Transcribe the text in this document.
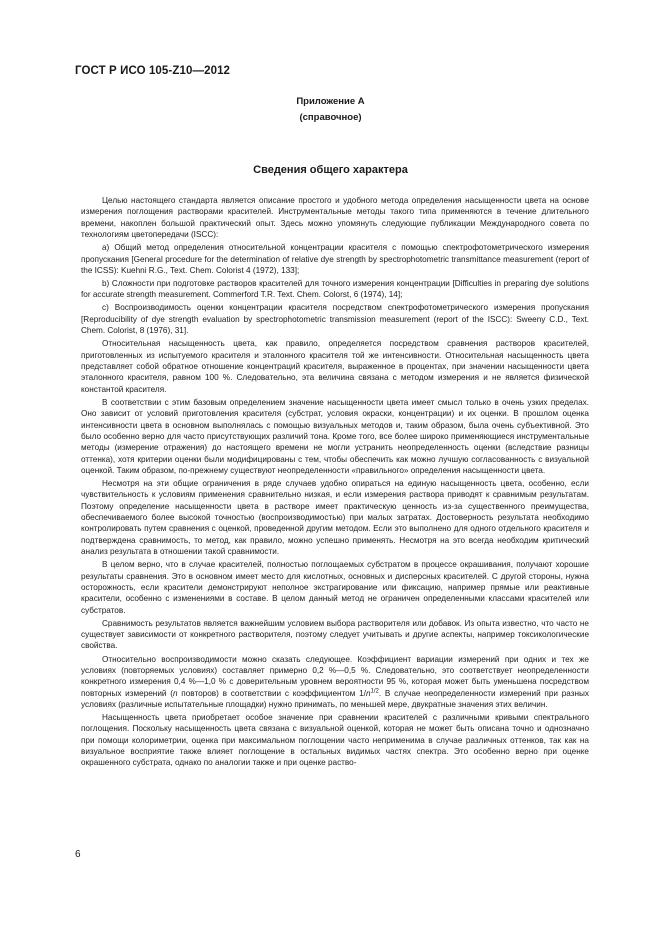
ГОСТ Р ИСО 105-Z10—2012
Приложение А
(справочное)
Сведения общего характера

Целью настоящего стандарта является описание простого и удобного метода определения насыщенности цвета на основе измерения поглощения растворами красителей. Инструментальные методы такого типа применяются в течение длительного времени, накоплен большой практический опыт. Здесь можно упомянуть следующие публикации Международного совета по технологиям цветопередачи (ISCC):

a) Общий метод определения относительной концентрации красителя с помощью спектрофотометрического измерения пропускания [General procedure for the determination of relative dye strength by spectrophotometric transmittance measurement (report of the ICSS): Kuehni R.G., Text. Chem. Colorist 4 (1972), 133];

b) Сложности при подготовке растворов красителей для точного измерения концентрации [Difficulties in preparing dye solutions for accurate strength measurement. Commerford T.R. Text. Chem. Colorst, 6 (1974), 14];

c) Воспроизводимость оценки концентрации красителя посредством спектрофотометрического измерения пропускания [Reproducibility of dye strength evaluation by spectrophotometric transmission measurement (report of the ISCC): Sweeny C.D., Text. Chem. Colorist, 8 (1976), 31].

Относительная насыщенность цвета, как правило, определяется посредством сравнения растворов красителей, приготовленных из испытуемого красителя и эталонного красителя той же интенсивности. Относительная насыщенность цвета представляет собой обратное отношение концентраций красителя, выраженное в процентах, при значении насыщенности цвета эталонного красителя, равном 100 %. Следовательно, эта величина связана с методом измерения и не является физической константой красителя.

В соответствии с этим базовым определением значение насыщенности цвета имеет смысл только в очень узких пределах. Оно зависит от условий приготовления красителя (субстрат, условия окраски, концентрации) и их оценки. В прошлом оценка интенсивности цвета в основном выполнялась с помощью визуальных методов и, таким образом, была очень субъективной. Это было особенно верно для часто присутствующих различий тона. Кроме того, все более широко применяющиеся инструментальные методы (измерение отражения) до настоящего времени не могли устранить неопределенность оценки (вследствие разницы оттенка), хотя критерии оценки были модифицированы с тем, чтобы обеспечить как можно лучшую согласованность с визуальной оценкой. Таким образом, по-прежнему существуют неопределенности «правильного» определения насыщенности цвета.

Несмотря на эти общие ограничения в ряде случаев удобно опираться на единую насыщенность цвета, особенно, если чувствительность к условиям применения сравнительно низкая, и если измерения раствора приводят к сравнимым результатам. Поэтому определение насыщенности цвета в растворе имеет практическую ценность из-за существенного преимущества, обеспечиваемого более высокой точностью (воспроизводимостью) при малых затратах. Достоверность результата необходимо контролировать путем сравнения с оценкой, проведенной другим методом. Если это выполнено для одного отдельного красителя и подтверждена сравнимость, то метод, как правило, можно успешно применять. Несмотря на это всегда необходим критический анализ результата в отношении такой сравнимости.

В целом верно, что в случае красителей, полностью поглощаемых субстратом в процессе окрашивания, получают хорошие результаты сравнения. Это в основном имеет место для кислотных, основных и дисперсных красителей. С другой стороны, нужна осторожность, если красители демонстрируют неполное экстрагирование или фиксацию, например прямые или реактивные красители, особенно с изменениями в составе. В целом данный метод не ограничен определенными классами красителей или субстратов.

Сравнимость результатов является важнейшим условием выбора растворителя или добавок. Из опыта известно, что часто не существует зависимости от конкретного растворителя, поэтому следует учитывать и другие аспекты, например токсикологические свойства.

Относительно воспроизводимости можно сказать следующее. Коэффициент вариации измерений при одних и тех же условиях (повторяемых условиях) составляет примерно 0,2 %—0,5 %. Следовательно, это соответствует неопределенности конкретного измерения 0,4 %—1,0 % с доверительным уровнем вероятности 95 %, которая может быть уменьшена посредством повторных измерений (n повторов) в соответствии с коэффициентом $1/n^{1/2}$. В случае неопределенности измерений при разных условиях (различные испытательные площадки) нужно принимать, по меньшей мере, двукратные значения этих величин.

Насыщенность цвета приобретает особое значение при сравнении красителей с различными кривыми спектрального поглощения. Поскольку насыщенность цвета связана с визуальной оценкой, которая не может быть описана точно и однозначно при помощи колориметрии, оценка при максимальном поглощении часто неприменима в случае различных оттенков, так как на визуальное восприятие также влияет поглощение в остальных видимых частях спектра. Это особенно верно при оценке окрашенного субстрата, однако по аналогии также и при оценке раство-

6
